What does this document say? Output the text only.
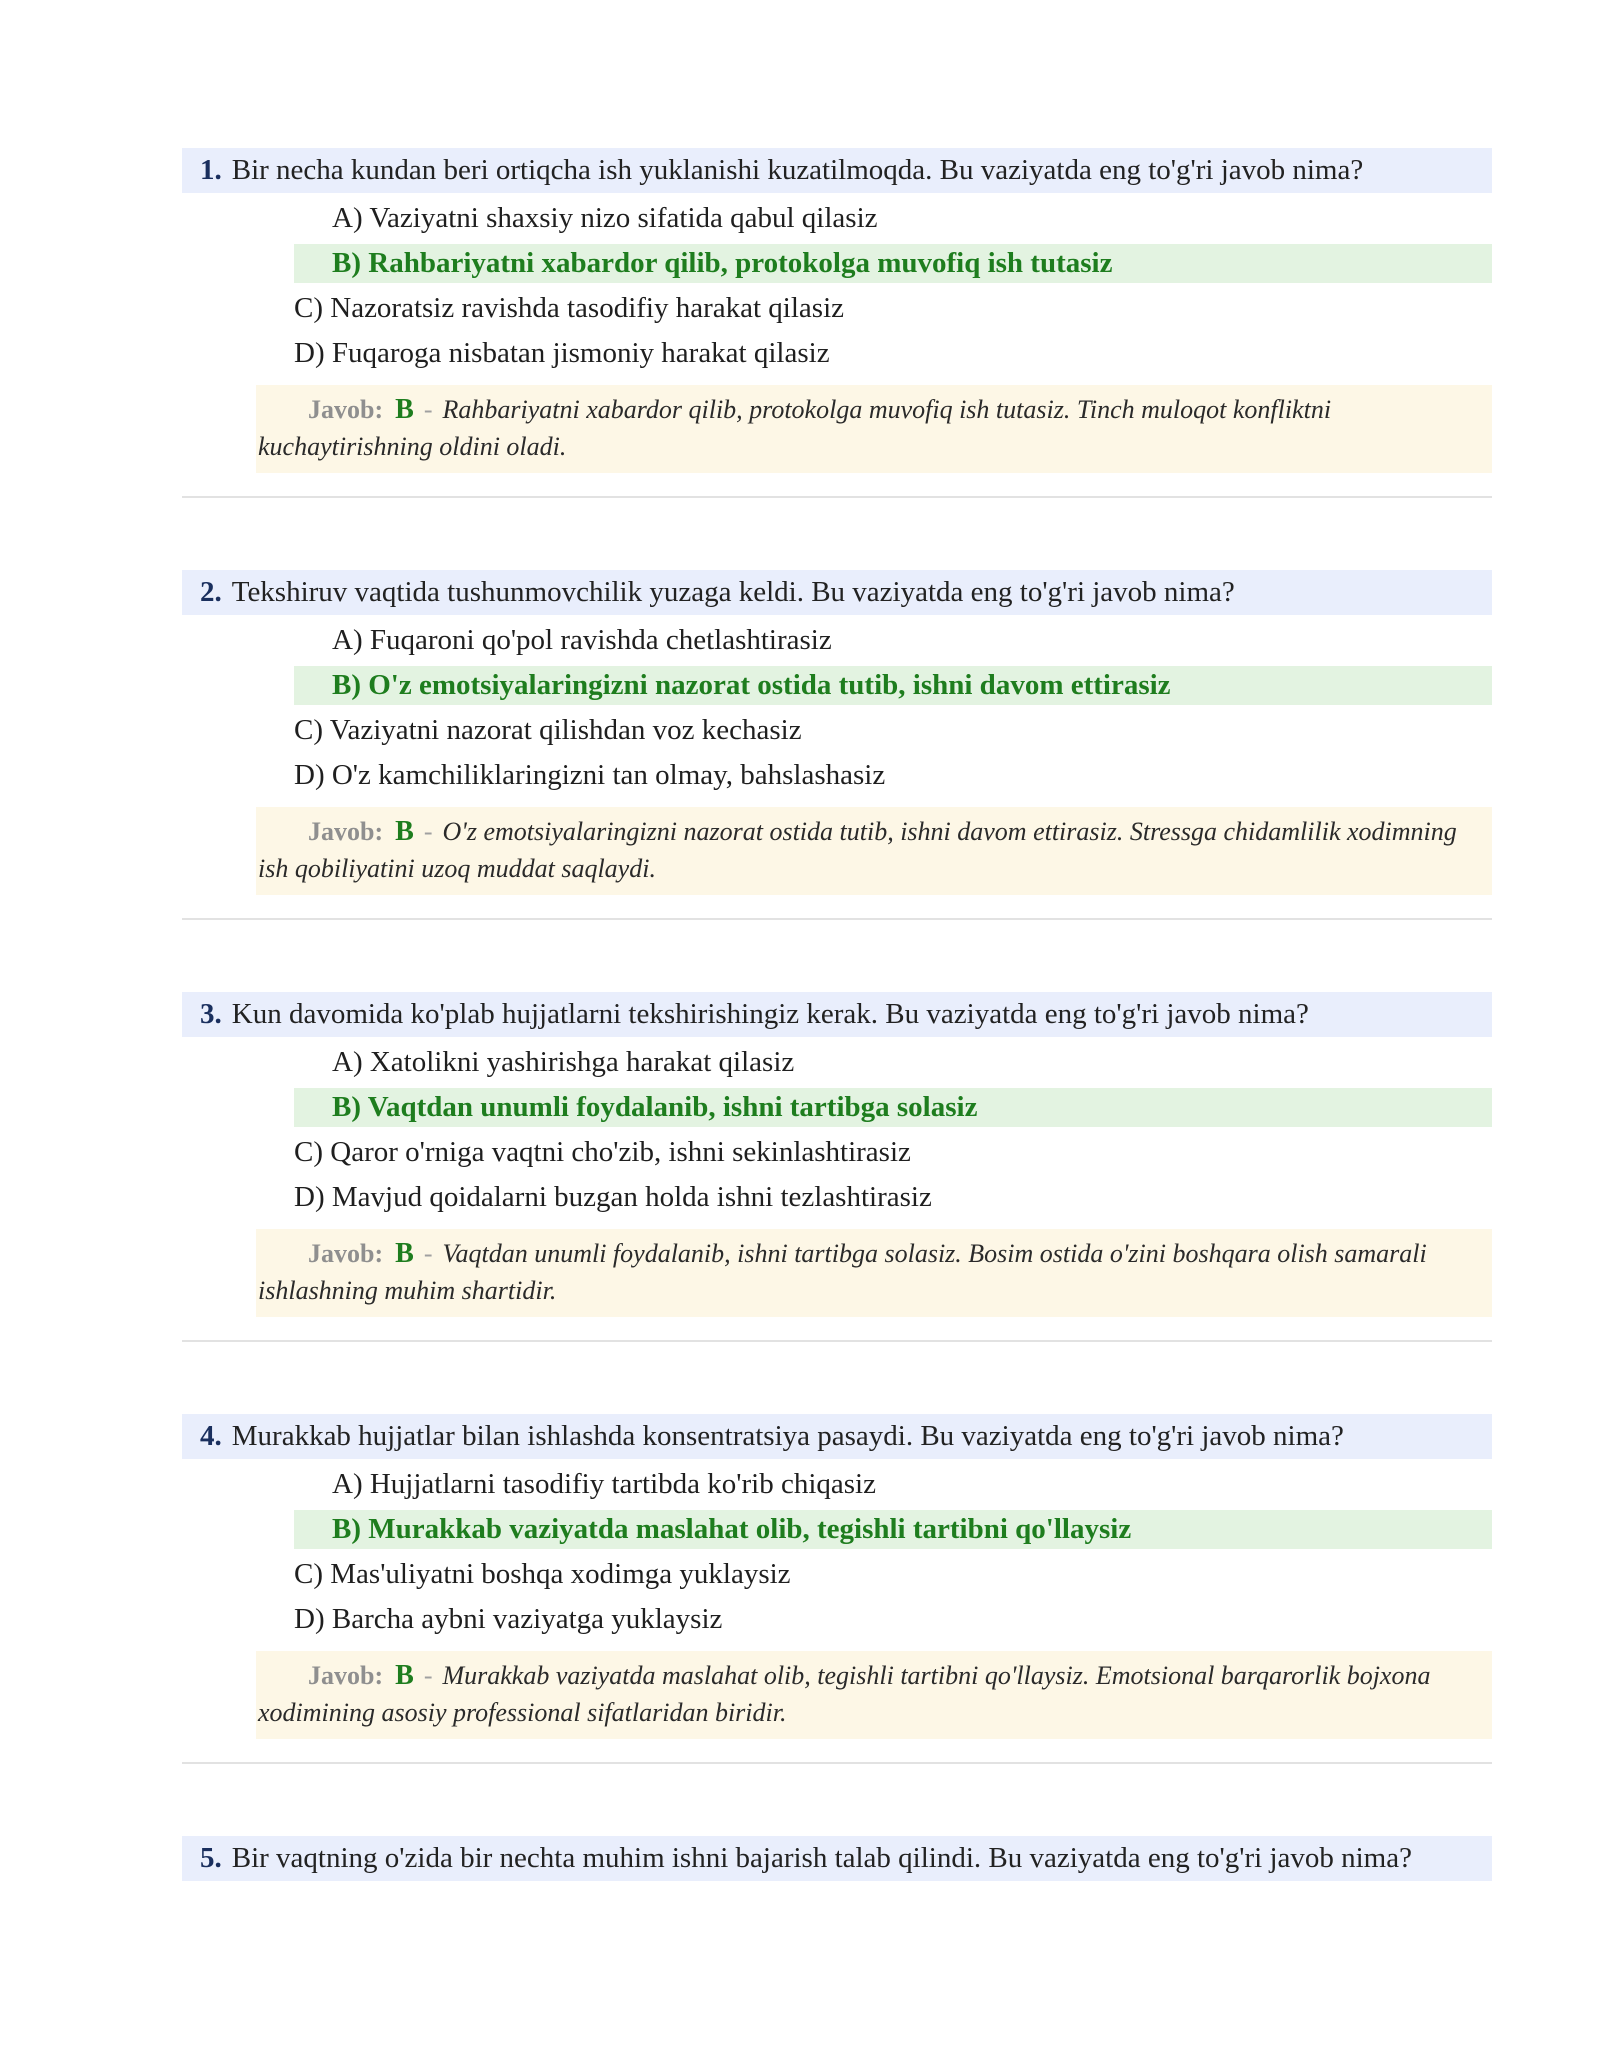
1. Bir necha kundan beri ortiqcha ish yuklanishi kuzatilmoqda. Bu vaziyatda eng to'g'ri javob nima?
A) Vaziyatni shaxsiy nizo sifatida qabul qilasiz
B) Rahbariyatni xabardor qilib, protokolga muvofiq ish tutasiz
C) Nazoratsiz ravishda tasodifiy harakat qilasiz
D) Fuqaroga nisbatan jismoniy harakat qilasiz
Javob: B - Rahbariyatni xabardor qilib, protokolga muvofiq ish tutasiz. Tinch muloqot konfliktni kuchaytirishning oldini oladi.
2. Tekshiruv vaqtida tushunmovchilik yuzaga keldi. Bu vaziyatda eng to'g'ri javob nima?
A) Fuqaroni qo'pol ravishda chetlashtirasiz
B) O'z emotsiyalaringizni nazorat ostida tutib, ishni davom ettirasiz
C) Vaziyatni nazorat qilishdan voz kechasiz
D) O'z kamchiliklaringizni tan olmay, bahslashasiz
Javob: B - O'z emotsiyalaringizni nazorat ostida tutib, ishni davom ettirasiz. Stressga chidamlilik xodimning ish qobiliyatini uzoq muddat saqlaydi.
3. Kun davomida ko'plab hujjatlarni tekshirishingiz kerak. Bu vaziyatda eng to'g'ri javob nima?
A) Xatolikni yashirishga harakat qilasiz
B) Vaqtdan unumli foydalanib, ishni tartibga solasiz
C) Qaror o'rniga vaqtni cho'zib, ishni sekinlashtirasiz
D) Mavjud qoidalarni buzgan holda ishni tezlashtirasiz
Javob: B - Vaqtdan unumli foydalanib, ishni tartibga solasiz. Bosim ostida o'zini boshqara olish samarali ishlashning muhim shartidir.
4. Murakkab hujjatlar bilan ishlashda konsentratsiya pasaydi. Bu vaziyatda eng to'g'ri javob nima?
A) Hujjatlarni tasodifiy tartibda ko'rib chiqasiz
B) Murakkab vaziyatda maslahat olib, tegishli tartibni qo'llaysiz
C) Mas'uliyatni boshqa xodimga yuklaysiz
D) Barcha aybni vaziyatga yuklaysiz
Javob: B - Murakkab vaziyatda maslahat olib, tegishli tartibni qo'llaysiz. Emotsional barqarorlik bojxona xodimining asosiy professional sifatlaridan biridir.
5. Bir vaqtning o'zida bir nechta muhim ishni bajarish talab qilindi. Bu vaziyatda eng to'g'ri javob nima?
